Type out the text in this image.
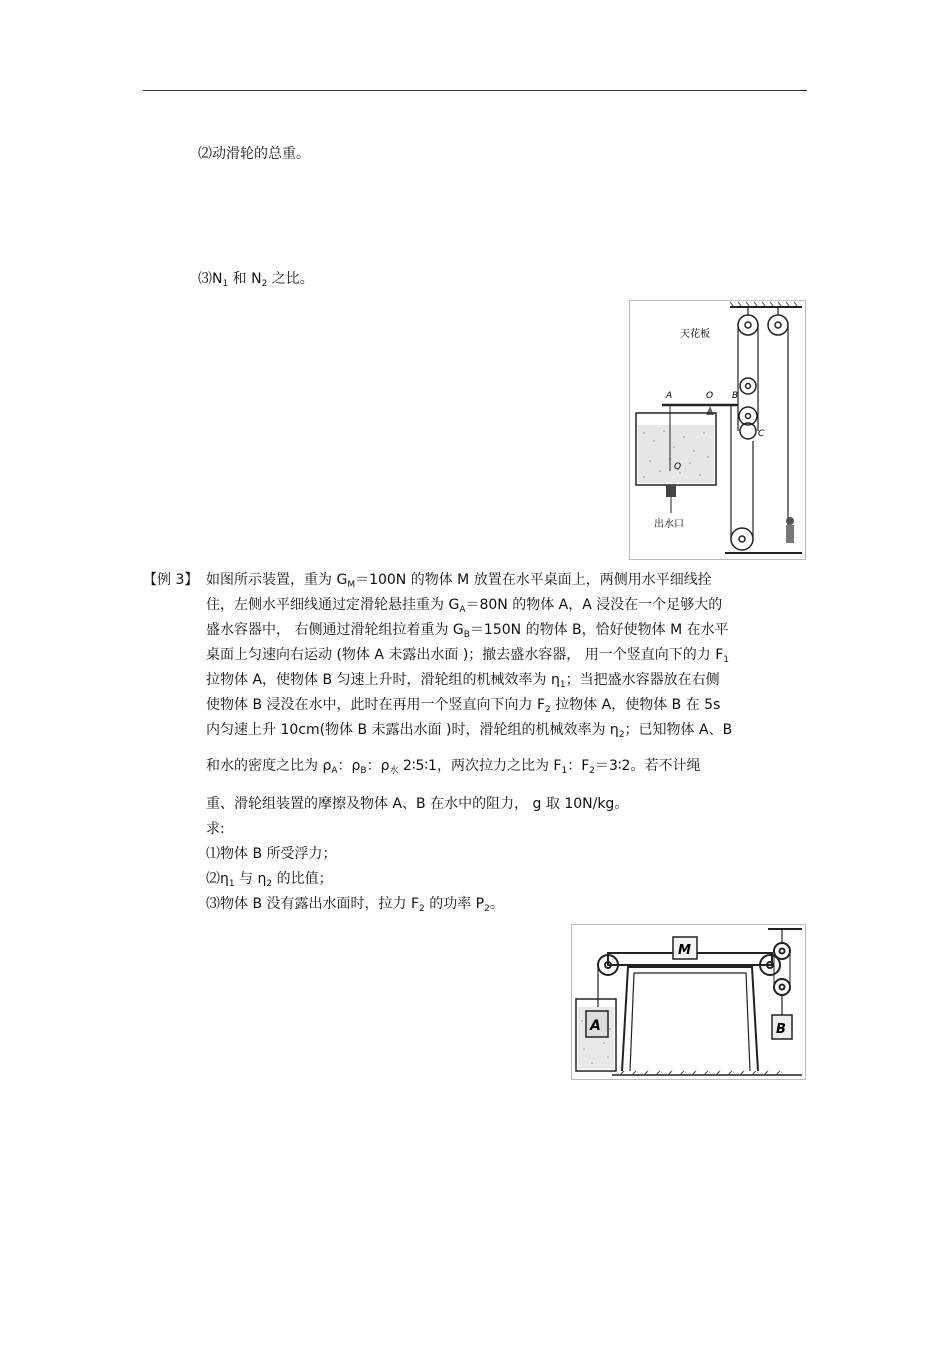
⑵动滑轮的总重。
$⑶N_1$ 和 $N_2$ 之比。
天花板
A	O B
C
Q
出水口
【例 3】 如图所示装置，重为 $G_M=100N$ 的物体 M 放置在水平桌面上，两侧用水平细线拴
住，左侧水平细线通过定滑轮悬挂重为 $G_A=80N$ 的物体 A，A 浸没在一个足够大的
盛水容器中， 右侧通过滑轮组拉着重为 $G_B=150N$ 的物体 B，恰好使物体 M 在水平
桌面上匀速向右运动 (物体 A 未露出水面 )；撤去盛水容器， 用一个竖直向下的力 $F_1$
拉物体 A，使物体 B 匀速上升时，滑轮组的机械效率为 $\eta_1$；当把盛水容器放在右侧
使物体 B 浸没在水中，此时在再用一个竖直向下向力 $F_2$ 拉物体 A，使物体 B 在 5s
内匀速上升 10cm(物体 B 未露出水面 )时，滑轮组的机械效率为 $\eta_2$；已知物体 A、B
和水的密度之比为 $\rho_A$：$\rho_B$：$\rho_水$ 2∶5∶1，两次拉力之比为 $F_1$：$F_2=3∶2$。若不计绳
重、滑轮组装置的摩擦及物体 A、B 在水中的阻力， g 取 10N/kg。
求:
⑴物体 B 所受浮力；
$⑵\eta_1$ 与 $\eta_2$ 的比值；
⑶物体 B 没有露出水面时，拉力 $F_2$ 的功率 $P_2$。
M
A	B
